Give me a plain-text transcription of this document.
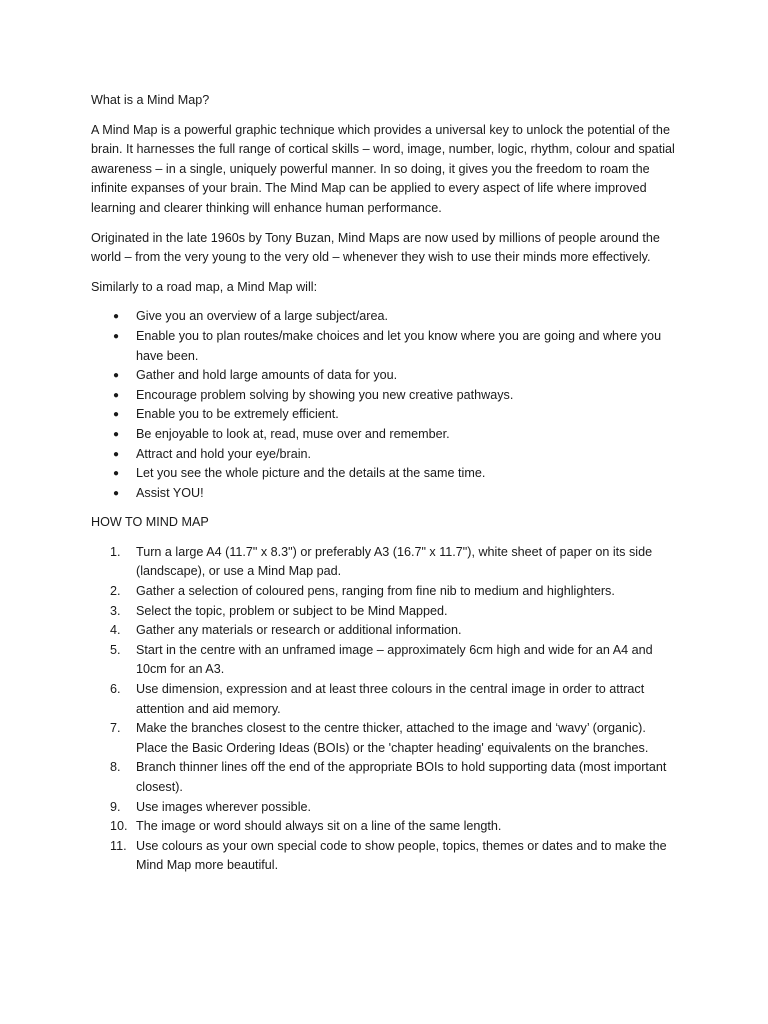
What is a Mind Map?

A Mind Map is a powerful graphic technique which provides a universal key to unlock the potential of the brain. It harnesses the full range of cortical skills – word, image, number, logic, rhythm, colour and spatial awareness – in a single, uniquely powerful manner. In so doing, it gives you the freedom to roam the infinite expanses of your brain. The Mind Map can be applied to every aspect of life where improved learning and clearer thinking will enhance human performance.

Originated in the late 1960s by Tony Buzan, Mind Maps are now used by millions of people around the world – from the very young to the very old – whenever they wish to use their minds more effectively.

Similarly to a road map, a Mind Map will:

● Give you an overview of a large subject/area.
● Enable you to plan routes/make choices and let you know where you are going and where you have been.
● Gather and hold large amounts of data for you.
● Encourage problem solving by showing you new creative pathways.
● Enable you to be extremely efficient.
● Be enjoyable to look at, read, muse over and remember.
● Attract and hold your eye/brain.
● Let you see the whole picture and the details at the same time.
● Assist YOU!

HOW TO MIND MAP

1.	Turn a large A4 (11.7" x 8.3") or preferably A3 (16.7" x 11.7"), white sheet of paper on its side (landscape), or use a Mind Map pad.
2.	Gather a selection of coloured pens, ranging from fine nib to medium and highlighters.
3.	Select the topic, problem or subject to be Mind Mapped.
4.	Gather any materials or research or additional information.
5.	Start in the centre with an unframed image – approximately 6cm high and wide for an A4 and 10cm for an A3.
6.	Use dimension, expression and at least three colours in the central image in order to attract attention and aid memory.
7.	Make the branches closest to the centre thicker, attached to the image and ‘wavy’ (organic). Place the Basic Ordering Ideas (BOIs) or the 'chapter heading' equivalents on the branches.
8.	Branch thinner lines off the end of the appropriate BOIs to hold supporting data (most important closest).
9.	Use images wherever possible.
10. The image or word should always sit on a line of the same length.
11. Use colours as your own special code to show people, topics, themes or dates and to make the Mind Map more beautiful.
